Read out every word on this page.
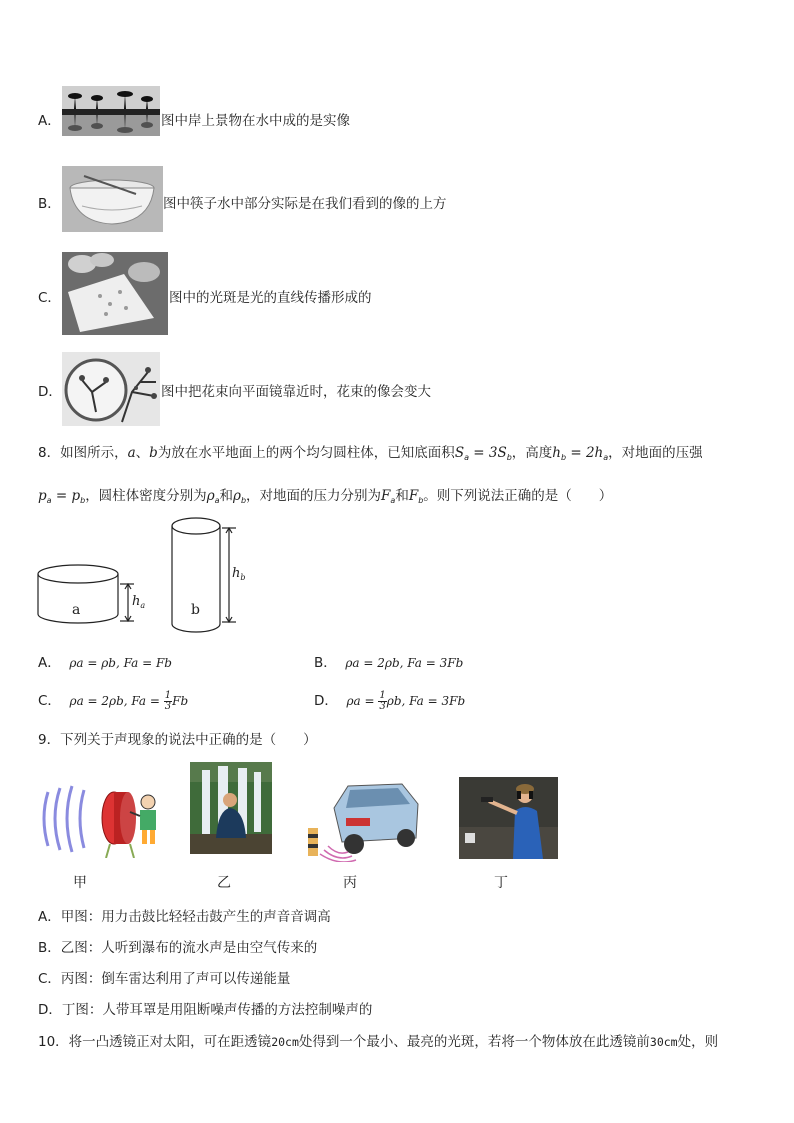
A．	图中岸上景物在水中成的是实像
B．	图中筷子水中部分实际是在我们看到的像的上方
C．	图中的光斑是光的直线传播形成的
D．	图中把花束向平面镜靠近时，花束的像会变大
8．如图所示，a、b为放在水平地面上的两个均匀圆柱体，已知底面积$S_a = 3S_b$，高度$h_b = 2h_a$，对地面的压强
$p_a = p_b$，圆柱体密度分别为$\rho_a$和$\rho_b$，对地面的压力分别为$F_a$和$F_b$。则下列说法正确的是（　　）
a	b
$h_a$
$h_b$
A． ρa = ρb, Fa = Fb	B． ρa = 2ρb, Fa = 3Fb
C． ρa = 2ρb, $Fa = \frac{1}{3}$ Fb	D． $\rho a = \frac{1}{3} \rho b$, Fa = 3Fb
9．下列关于声现象的说法中正确的是（　　）
甲	乙	丙	丁
A．甲图：用力击鼓比轻轻击鼓产生的声音音调高
B．乙图：人听到瀑布的流水声是由空气传来的
C．丙图：倒车雷达利用了声可以传递能量
D．丁图：人带耳罩是用阻断噪声传播的方法控制噪声的
10．将一凸透镜正对太阳，可在距透镜20cm处得到一个最小、最亮的光斑，若将一个物体放在此透镜前30cm处，则
